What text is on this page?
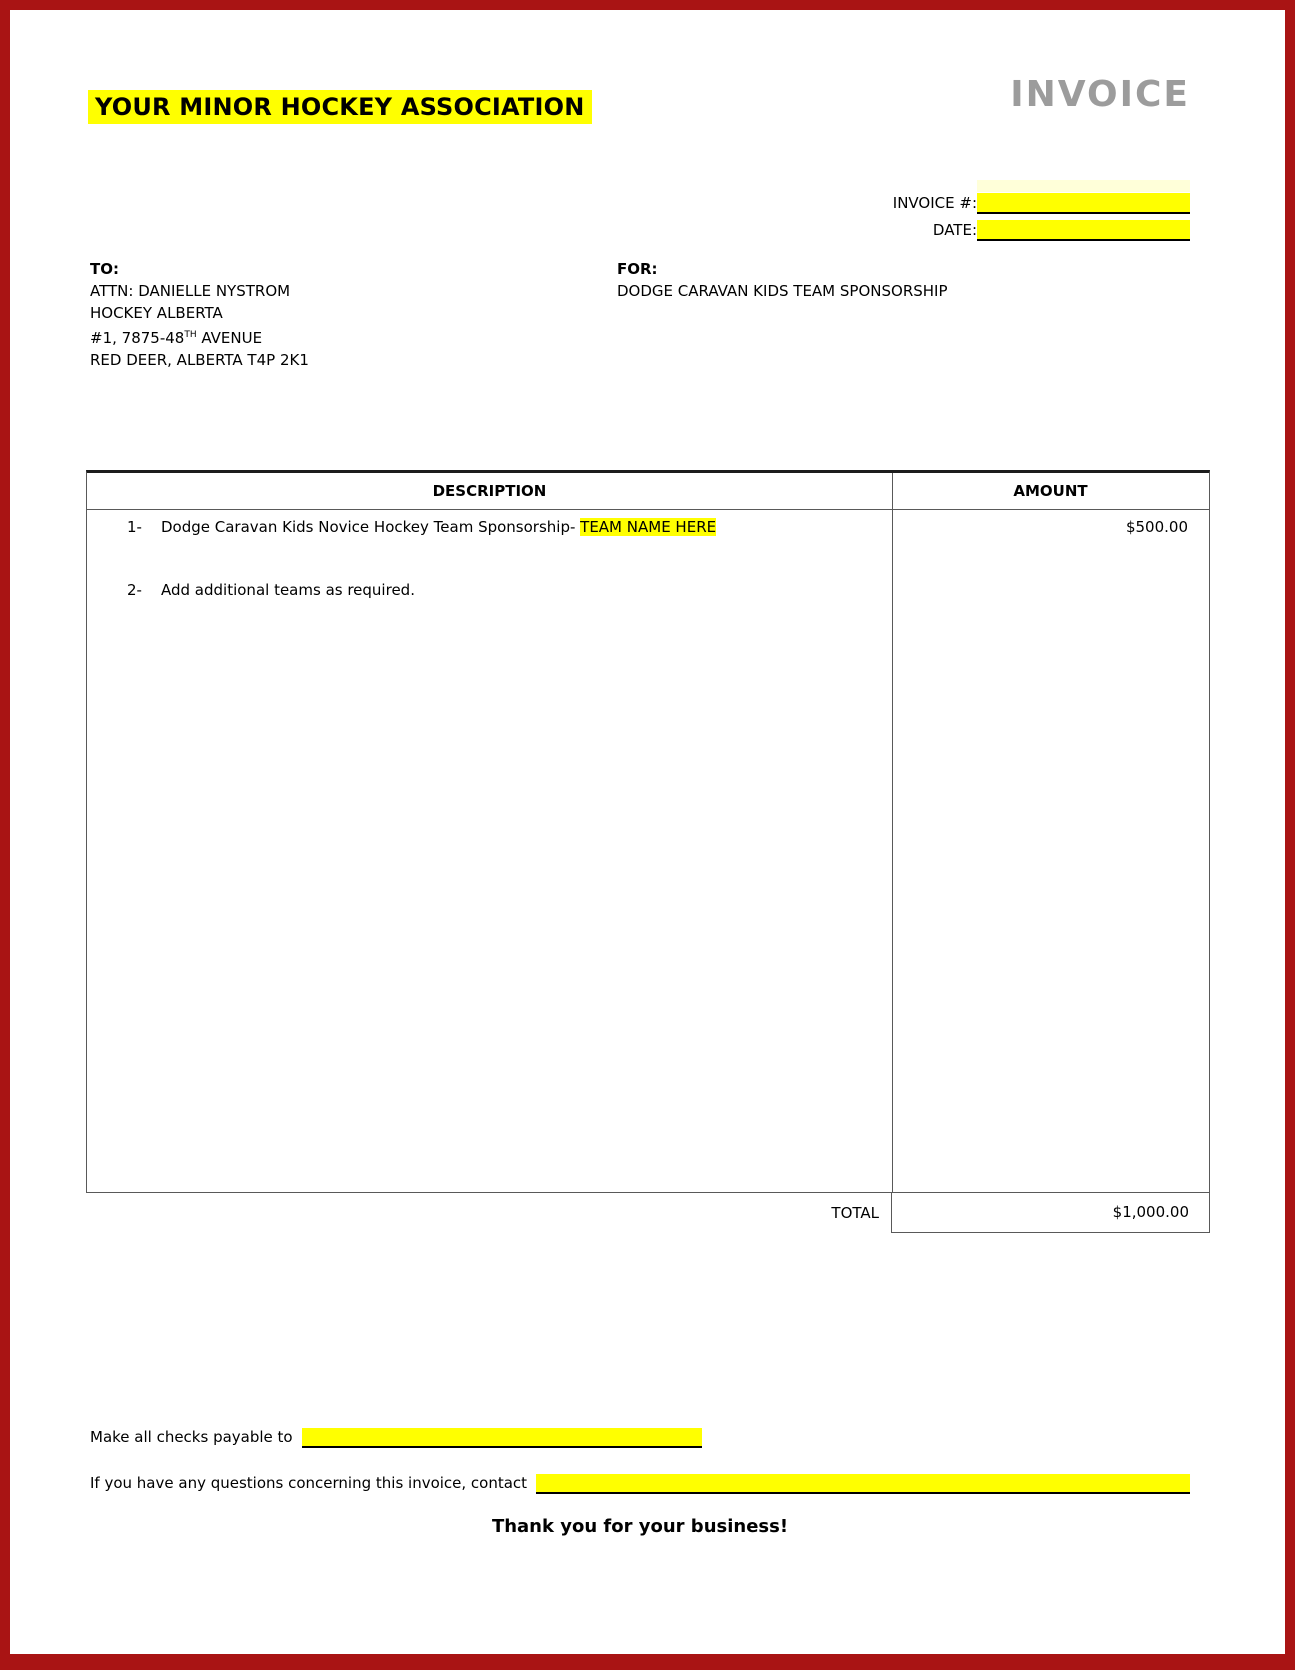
YOUR MINOR HOCKEY ASSOCIATION	INVOICE
INVOICE #:
DATE:
TO:
ATTN: DANIELLE NYSTROM
HOCKEY ALBERTA
#1, 7875-48TH AVENUE
RED DEER, ALBERTA T4P 2K1
FOR:
DODGE CARAVAN KIDS TEAM SPONSORSHIP
DESCRIPTION	AMOUNT
1- Dodge Caravan Kids Novice Hockey Team Sponsorship- TEAM NAME HERE	$500.00
2- Add additional teams as required.
TOTAL	$1,000.00
Make all checks payable to
If you have any questions concerning this invoice, contact
Thank you for your business!
